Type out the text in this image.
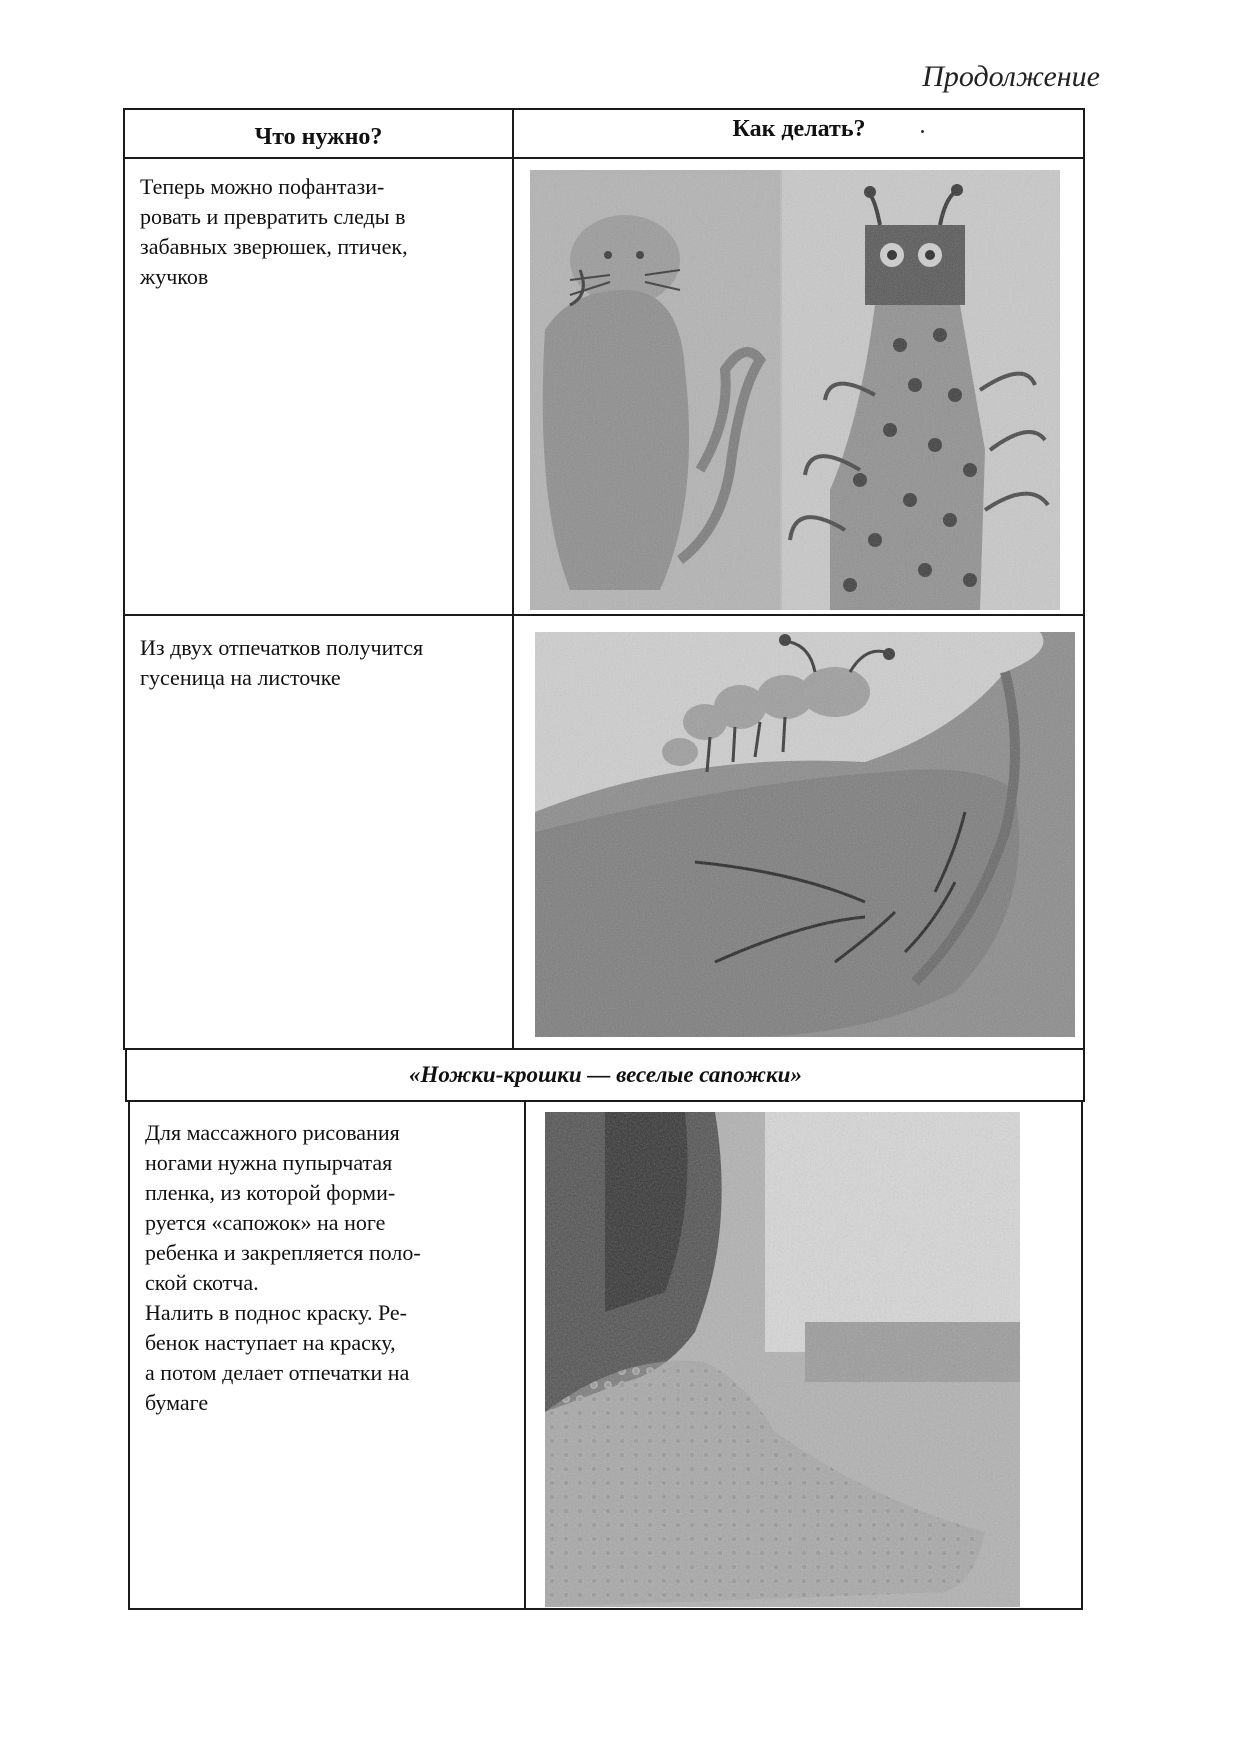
Продолжение
Что нужно?	Как делать?
Теперь можно пофантази-
ровать и превратить следы в
забавных зверюшек, птичек,
жучков
Из двух отпечатков получится
гусеница на листочке
«Ножки-крошки — веселые сапожки»
Для массажного рисования
ногами нужна пупырчатая
пленка, из которой форми-
руется «сапожок» на ноге
ребенка и закрепляется поло-
ской скотча.
Налить в поднос краску. Ре-
бенок наступает на краску,
а потом делает отпечатки на
бумаге
